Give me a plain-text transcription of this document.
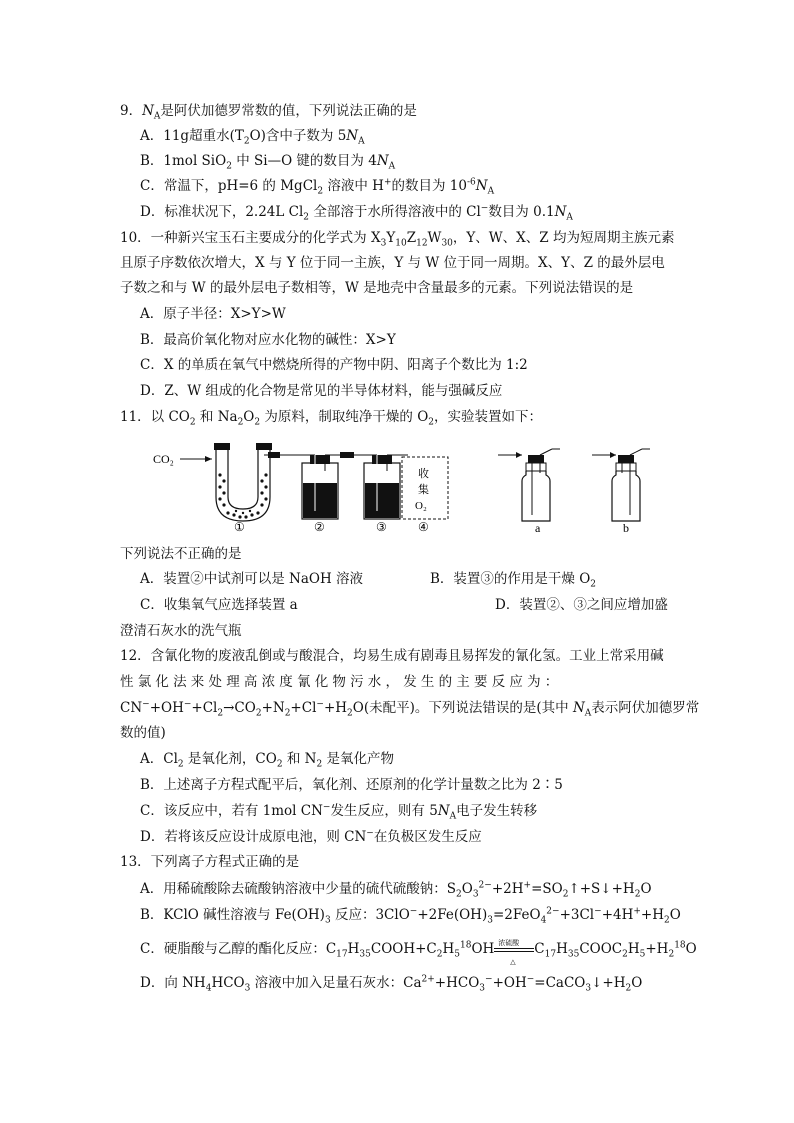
9．$N_A$是阿伏加德罗常数的值，下列说法正确的是
A．11g超重水$(T_2O)$含中子数为 $5N_A$
B．1mol SiO$_2$ 中 Si—O 键的数目为 $4N_A$
C．常温下，pH=6 的 MgCl$_2$ 溶液中 H+的数目为 $10^{-6}N_A$
D．标准状况下，2.24L $Cl_2$ 全部溶于水所得溶液中的 Cl−数目为 $0.1N_A$
10．一种新兴宝玉石主要成分的化学式为 $X_3Y_{10}Z_{12}W_{30}$，Y、W、X、Z 均为短周期主族元素
且原子序数依次增大，X 与 Y 位于同一主族，Y 与 W 位于同一周期。X、Y、Z 的最外层电
子数之和与 W 的最外层电子数相等，W 是地壳中含量最多的元素。下列说法错误的是
A．原子半径：X>Y>W
B．最高价氧化物对应水化物的碱性：X>Y
C．X 的单质在氧气中燃烧所得的产物中阴、阳离子个数比为 1:2
D．Z、W 组成的化合物是常见的半导体材料，能与强碱反应
11．以 $CO_2$ 和 $Na_2O_2$ 为原料，制取纯净干燥的 $O_2$，实验装置如下：
CO₂
收
集
O₂
①	②	③	④	a	b
下列说法不正确的是
A．装置②中试剂可以是 NaOH 溶液	B．装置③的作用是干燥 $O_2$
C．收集氧气应选择装置 a	D．装置②、③之间应增加盛
澄清石灰水的洗气瓶
12．含氰化物的废液乱倒或与酸混合，均易生成有剧毒且易挥发的氰化氢。工业上常采用碱
性氯化法来处理高浓度氰化物污水，发生的主要反应为：
$CN^-+OH^-+Cl_2\to CO_2+N_2+Cl^-+H_2O$(未配平)。下列说法错误的是(其中 $N_A$表示阿伏加德罗常
数的值)
A．$Cl_2$ 是氧化剂，$CO_2$ 和 $N_2$ 是氧化产物
B．上述离子方程式配平后，氧化剂、还原剂的化学计量数之比为 2∶5
C．该反应中，若有 1mol CN−发生反应，则有 $5N_A$电子发生转移
D．若将该反应设计成原电池，则 CN−在负极区发生反应
13．下列离子方程式正确的是
A．用稀硫酸除去硫酸钠溶液中少量的硫代硫酸钠：$S_2O_3^{2-}+2H^+=SO_2↑+S↓+H_2O$
B．KClO 碱性溶液与 $Fe(OH)_3$ 反应：$3ClO^-+2Fe(OH)_3=2FeO_4^{2-}+3Cl^-+4H^++H_2O$
C．硬脂酸与乙醇的酯化反应：$C_{17}H_{35}COOH+C_2H_5^{18}OH$ 浓硫酸
△
$C_{17}H_{35}COOC_2H_5+H_2^{18}O$
D．向 $NH_4HCO_3$ 溶液中加入足量石灰水：$Ca^{2+}+HCO_3^-+OH^-=CaCO_3↓+H_2O$
